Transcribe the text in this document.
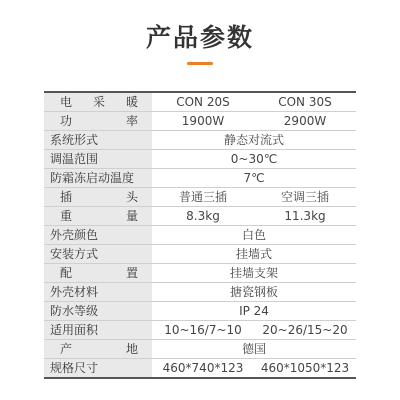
产品参数
电 采 暖	CON 20S	CON 30S

功 率	1900W	2900W
系统形式	静态对流式	
调温范围	0~30℃	
防霜冻启动温度	7℃	

插 头	普通三插	空调三插

重 量	8.3kg	11.3kg
外壳颜色	白色	
安装方式	挂墙式	

配 置	挂墙支架	
外壳材料	搪瓷钢板	
防水等级	IP 24	
适用面积	10~16/7~10	20~26/15~20

产 地	德国	
规格尺寸	460*740*123	460*1050*123
